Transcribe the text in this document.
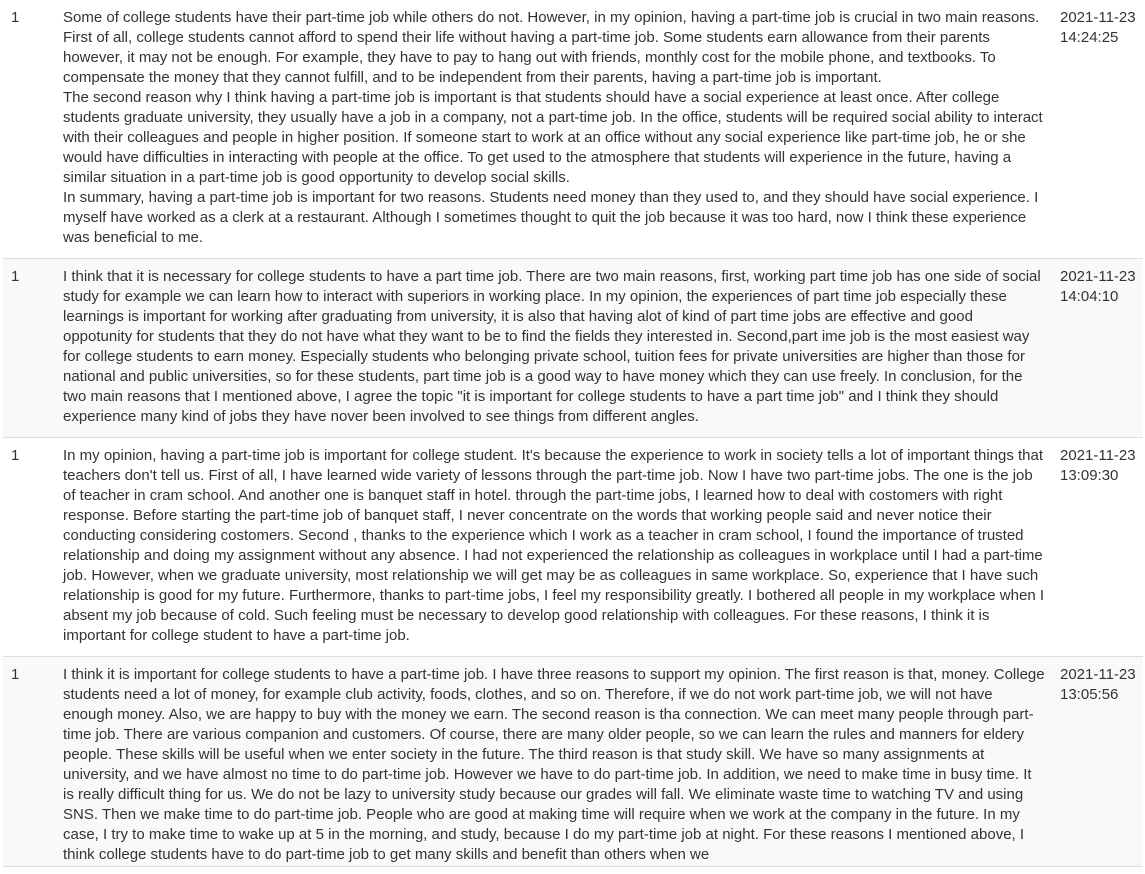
1	Some of college students have their part-time job while others do not. However, in my opinion, having a part-time job is crucial in two main reasons.
First of all, college students cannot afford to spend their life without having a part-time job. Some students earn allowance from their parents however, it may not be enough. For example, they have to pay to hang out with friends, monthly cost for the mobile phone, and textbooks. To compensate the money that they cannot fulfill, and to be independent from their parents, having a part-time job is important.
The second reason why I think having a part-time job is important is that students should have a social experience at least once. After college students graduate university, they usually have a job in a company, not a part-time job. In the office, students will be required social ability to interact with their colleagues and people in higher position. If someone start to work at an office without any social experience like part-time job, he or she would have difficulties in interacting with people at the office. To get used to the atmosphere that students will experience in the future, having a similar situation in a part-time job is good opportunity to develop social skills.
In summary, having a part-time job is important for two reasons. Students need money than they used to, and they should have social experience. I myself have worked as a clerk at a restaurant. Although I sometimes thought to quit the job because it was too hard, now I think these experience was beneficial to me.
2021-11-23 14:24:25
1	I think that it is necessary for college students to have a part time job. There are two main reasons, first, working part time job has one side of social study for example we can learn how to interact with superiors in working place. In my opinion, the experiences of part time job especially these learnings is important for working after graduating from university, it is also that having alot of kind of part time jobs are effective and good oppotunity for students that they do not have what they want to be to find the fields they interested in. Second,part ime job is the most easiest way for college students to earn money. Especially students who belonging private school, tuition fees for private universities are higher than those for national and public universities, so for these students, part time job is a good way to have money which they can use freely. In conclusion, for the two main reasons that I mentioned above, I agree the topic "it is important for college students to have a part time job" and I think they should experience many kind of jobs they have nover been involved to see things from different angles.
2021-11-23 14:04:10
1	In my opinion, having a part-time job is important for college student. It's because the experience to work in society tells a lot of important things that teachers don't tell us. First of all, I have learned wide variety of lessons through the part-time job. Now I have two part-time jobs. The one is the job of teacher in cram school. And another one is banquet staff in hotel. through the part-time jobs, I learned how to deal with costomers with right response. Before starting the part-time job of banquet staff, I never concentrate on the words that working people said and never notice their conducting considering costomers. Second , thanks to the experience which I work as a teacher in cram school, I found the importance of trusted relationship and doing my assignment without any absence. I had not experienced the relationship as colleagues in workplace until I had a part-time job. However, when we graduate university, most relationship we will get may be as colleagues in same workplace. So, experience that I have such relationship is good for my future. Furthermore, thanks to part-time jobs, I feel my responsibility greatly. I bothered all people in my workplace when I absent my job because of cold. Such feeling must be necessary to develop good relationship with colleagues. For these reasons, I think it is important for college student to have a part-time job.
2021-11-23 13:09:30
1	I think it is important for college students to have a part-time job. I have three reasons to support my opinion. The first reason is that, money. College students need a lot of money, for example club activity, foods, clothes, and so on. Therefore, if we do not work part-time job, we will not have enough money. Also, we are happy to buy with the money we earn. The second reason is tha connection. We can meet many people through part-time job. There are various companion and customers. Of course, there are many older people, so we can learn the rules and manners for eldery people. These skills will be useful when we enter society in the future. The third reason is that study skill. We have so many assignments at university, and we have almost no time to do part-time job. However we have to do part-time job. In addition, we need to make time in busy time. It is really difficult thing for us. We do not be lazy to university study because our grades will fall. We eliminate waste time to watching TV and using SNS. Then we make time to do part-time job. People who are good at making time will require when we work at the company in the future. In my case, I try to make time to wake up at 5 in the morning, and study, because I do my part-time job at night. For these reasons I mentioned above, I think college students have to do part-time job to get many skills and benefit than others when we
2021-11-23 13:05:56
